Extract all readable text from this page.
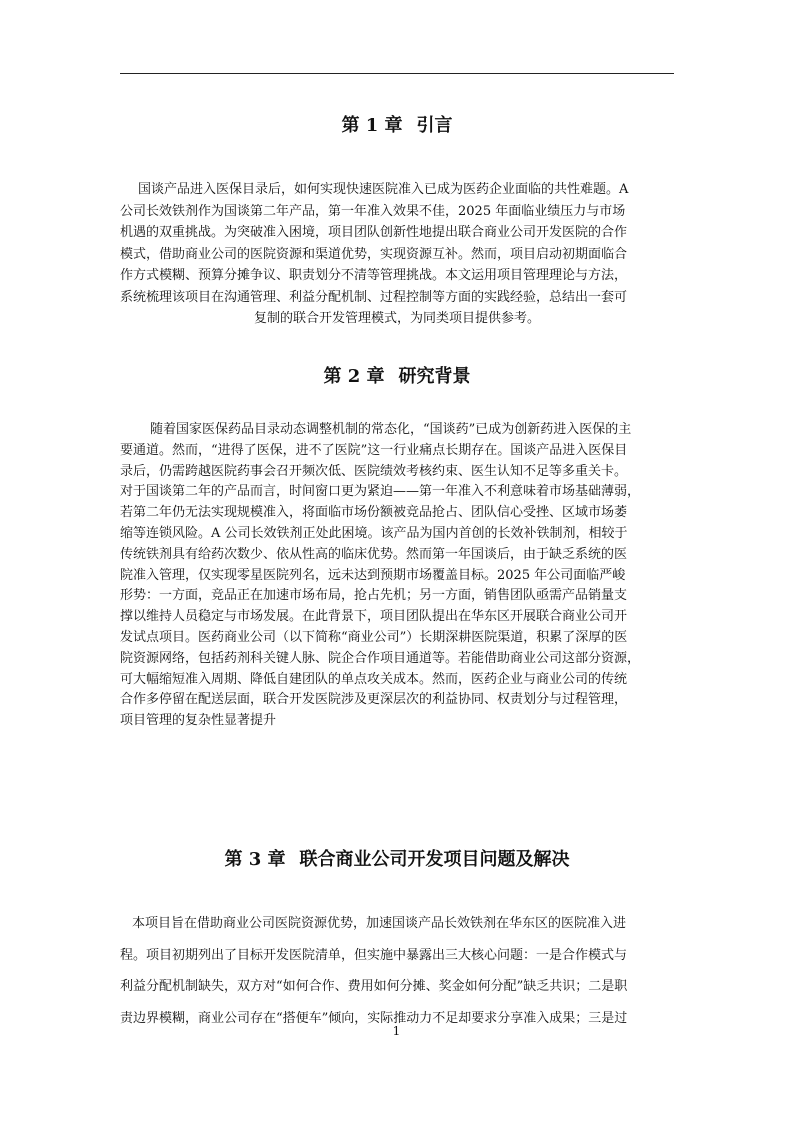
第 1 章 引言
国谈产品进入医保目录后，如何实现快速医院准入已成为医药企业面临的共性难题。A
公司长效铁剂作为国谈第二年产品，第一年准入效果不佳，2025 年面临业绩压力与市场
机遇的双重挑战。为突破准入困境，项目团队创新性地提出联合商业公司开发医院的合作
模式，借助商业公司的医院资源和渠道优势，实现资源互补。然而，项目启动初期面临合
作方式模糊、预算分摊争议、职责划分不清等管理挑战。本文运用项目管理理论与方法，
系统梳理该项目在沟通管理、利益分配机制、过程控制等方面的实践经验，总结出一套可
复制的联合开发管理模式，为同类项目提供参考。
第 2 章 研究背景
随着国家医保药品目录动态调整机制的常态化，“国谈药”已成为创新药进入医保的主
要通道。然而，“进得了医保，进不了医院”这一行业痛点长期存在。国谈产品进入医保目
录后，仍需跨越医院药事会召开频次低、医院绩效考核约束、医生认知不足等多重关卡。
对于国谈第二年的产品而言，时间窗口更为紧迫——第一年准入不利意味着市场基础薄弱，
若第二年仍无法实现规模准入，将面临市场份额被竞品抢占、团队信心受挫、区域市场萎
缩等连锁风险。A 公司长效铁剂正处此困境。该产品为国内首创的长效补铁制剂，相较于
传统铁剂具有给药次数少、依从性高的临床优势。然而第一年国谈后，由于缺乏系统的医
院准入管理，仅实现零星医院列名，远未达到预期市场覆盖目标。2025 年公司面临严峻
形势：一方面，竞品正在加速市场布局，抢占先机；另一方面，销售团队亟需产品销量支
撑以维持人员稳定与市场发展。在此背景下，项目团队提出在华东区开展联合商业公司开
发试点项目。医药商业公司（以下简称“商业公司”）长期深耕医院渠道，积累了深厚的医
院资源网络，包括药剂科关键人脉、院企合作项目通道等。若能借助商业公司这部分资源，
可大幅缩短准入周期、降低自建团队的单点攻关成本。然而，医药企业与商业公司的传统
合作多停留在配送层面，联合开发医院涉及更深层次的利益协同、权责划分与过程管理，
项目管理的复杂性显著提升
第 3 章 联合商业公司开发项目问题及解决
本项目旨在借助商业公司医院资源优势，加速国谈产品长效铁剂在华东区的医院准入进
程。项目初期列出了目标开发医院清单，但实施中暴露出三大核心问题：一是合作模式与
利益分配机制缺失，双方对“如何合作、费用如何分摊、奖金如何分配”缺乏共识；二是职
责边界模糊，商业公司存在“搭便车”倾向，实际推动力不足却要求分享准入成果；三是过
1
